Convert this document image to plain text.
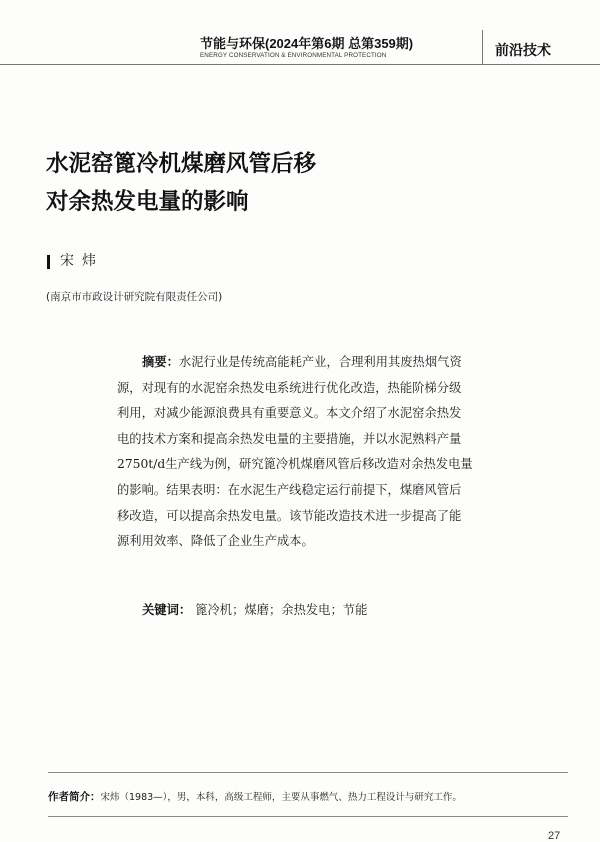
节能与环保(2024年第6期 总第359期)
ENERGY CONSERVATION & ENVIRONMENTAL PROTECTION	前沿技术
水泥窑篦冷机煤磨风管后移
对余热发电量的影响
宋炜
(南京市市政设计研究院有限责任公司)
摘要：水泥行业是传统高能耗产业，合理利用其废热烟气资
源，对现有的水泥窑余热发电系统进行优化改造，热能阶梯分级
利用，对减少能源浪费具有重要意义。本文介绍了水泥窑余热发
电的技术方案和提高余热发电量的主要措施，并以水泥熟料产量
2750t/d生产线为例，研究篦冷机煤磨风管后移改造对余热发电量
的影响。结果表明：在水泥生产线稳定运行前提下，煤磨风管后
移改造，可以提高余热发电量。该节能改造技术进一步提高了能
源利用效率、降低了企业生产成本。
关键词： 篦冷机；煤磨；余热发电；节能
作者简介：宋炜（1983—），男，本科，高级工程师，主要从事燃气、热力工程设计与研究工作。
27
